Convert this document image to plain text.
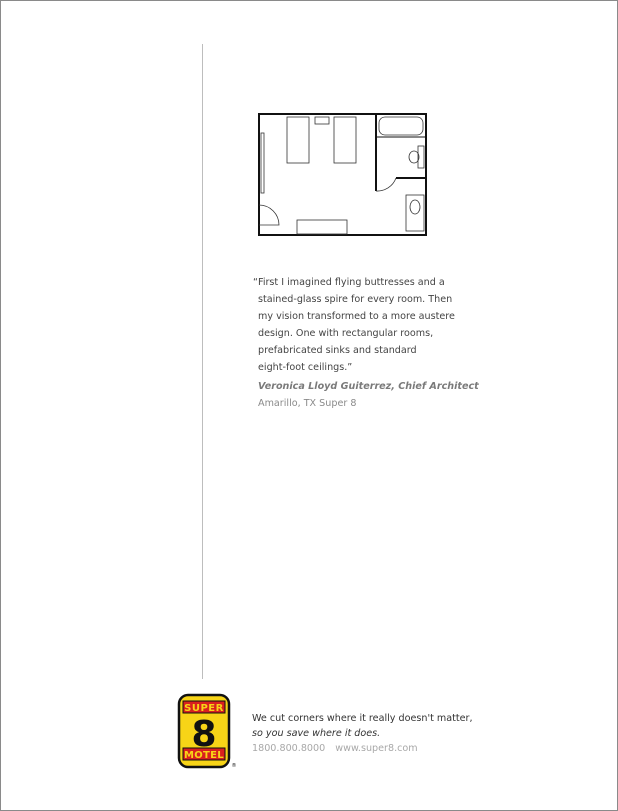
“ First I imagined flying buttresses and a
stained-glass spire for every room. Then
my vision transformed to a more austere
design. One with rectangular rooms,
prefabricated sinks and standard
eight-foot ceilings.”
Veronica Lloyd Guiterrez, Chief Architect
Amarillo, TX Super 8
SUPER
8
MOTEL
®
We cut corners where it really doesn't matter,
so you save where it does.
1800.800.8000 www.super8.com
